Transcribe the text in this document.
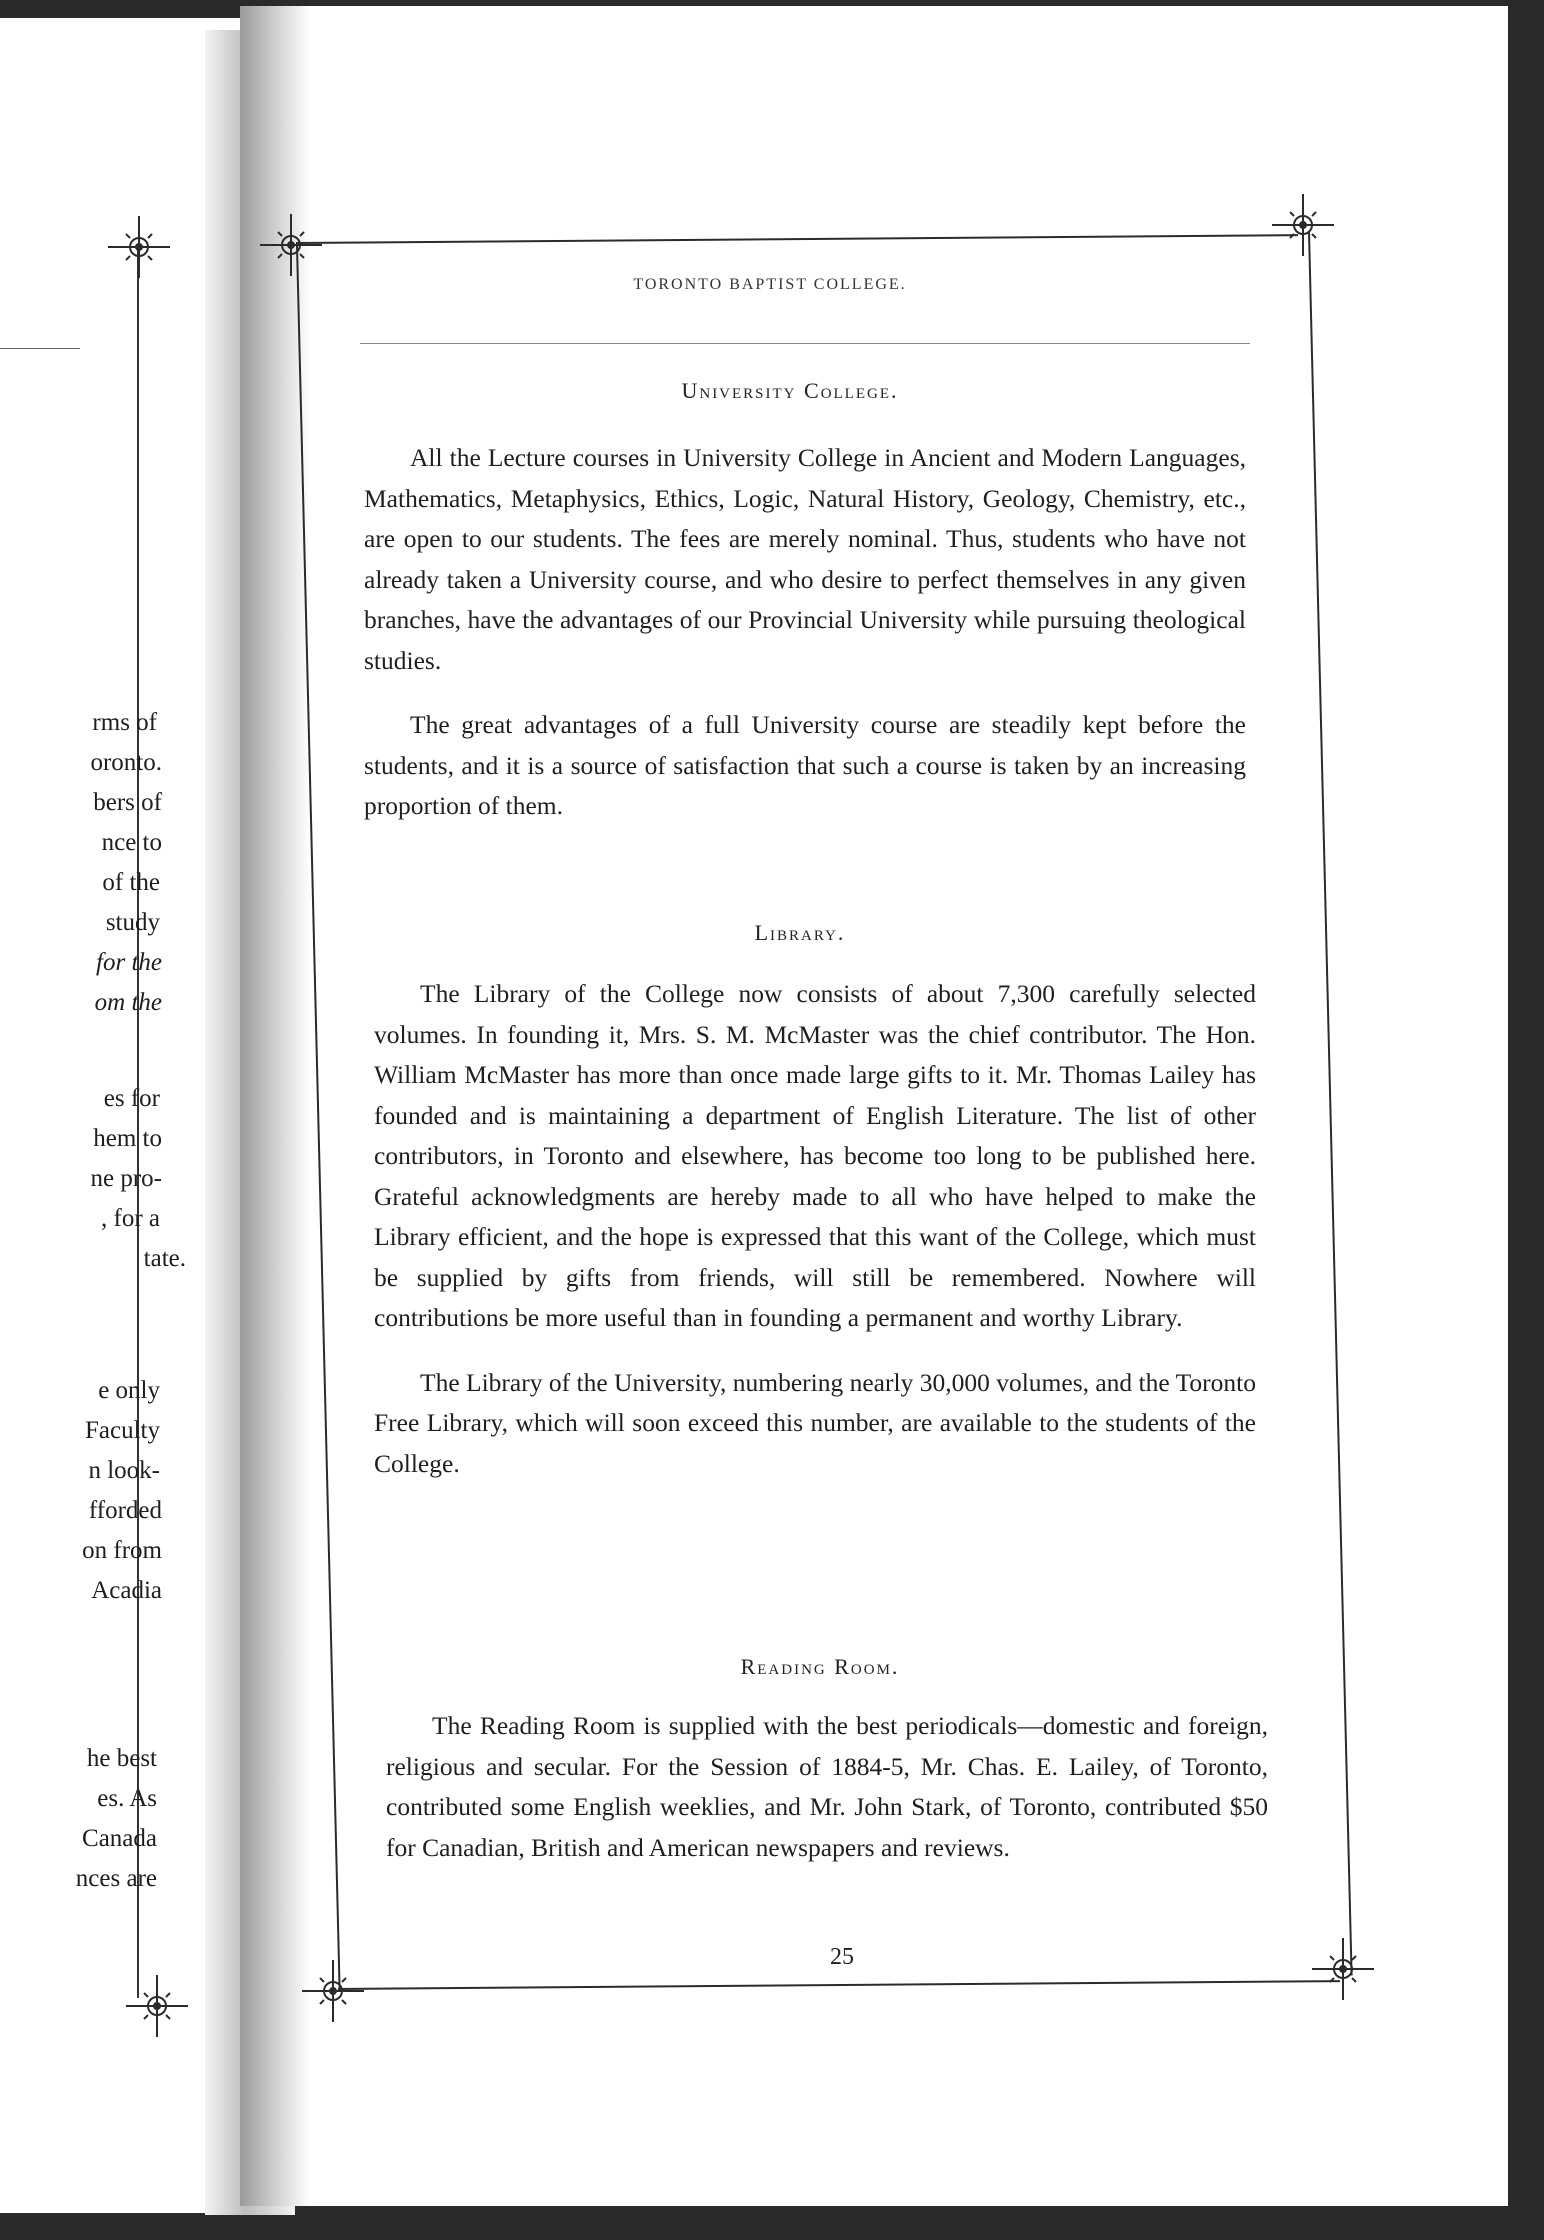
rms of
oronto.
bers of
nce to
of the
study
for the
om the
es for
hem to
ne pro-
, for a
tate.
e only
Faculty
n look-
fforded
on from
Acadia
he best
es. As
Canada
nces are
TORONTO BAPTIST COLLEGE.
University College.

All the Lecture courses in University College in Ancient and Modern Languages, Mathematics, Metaphysics, Ethics, Logic, Natural History, Geology, Chemistry, etc., are open to our students. The fees are merely nominal. Thus, students who have not already taken a University course, and who desire to perfect themselves in any given branches, have the advantages of our Provincial University while pursuing theological studies.

The great advantages of a full University course are steadily kept before the students, and it is a source of satisfaction that such a course is taken by an increasing proportion of them.

Library.

The Library of the College now consists of about 7,300 carefully selected volumes. In founding it, Mrs. S. M. McMaster was the chief contributor. The Hon. William McMaster has more than once made large gifts to it. Mr. Thomas Lailey has founded and is maintaining a department of English Literature. The list of other contributors, in Toronto and elsewhere, has become too long to be published here. Grateful acknowledgments are hereby made to all who have helped to make the Library efficient, and the hope is expressed that this want of the College, which must be supplied by gifts from friends, will still be remembered. Nowhere will contributions be more useful than in founding a permanent and worthy Library.

The Library of the University, numbering nearly 30,000 volumes, and the Toronto Free Library, which will soon exceed this number, are available to the students of the College.

Reading Room.

The Reading Room is supplied with the best periodicals—domestic and foreign, religious and secular. For the Session of 1884-5, Mr. Chas. E. Lailey, of Toronto, contributed some English weeklies, and Mr. John Stark, of Toronto, contributed $50 for Canadian, British and American newspapers and reviews.

25
